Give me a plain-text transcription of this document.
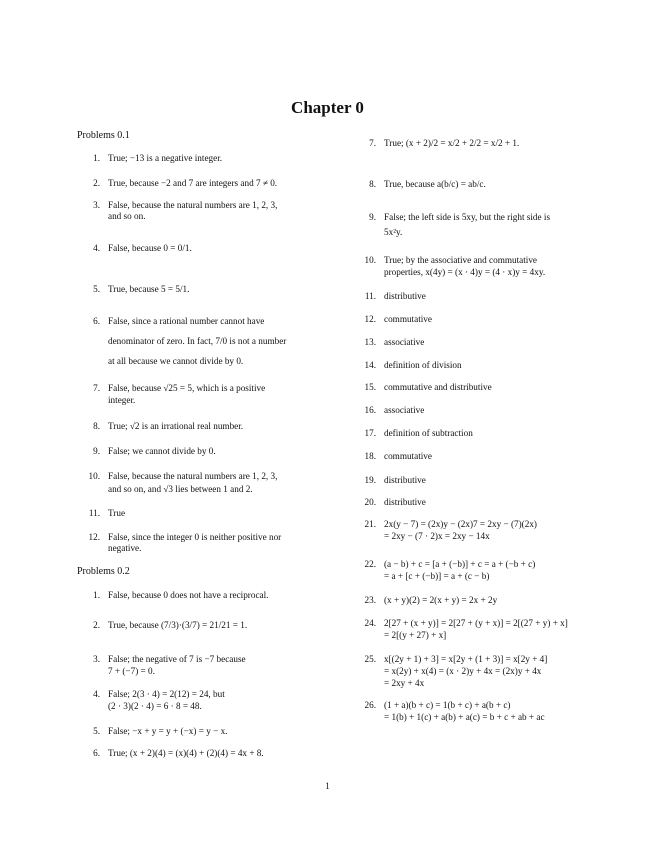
Chapter 0
Problems 0.1
Problems 0.2
1. True; −13 is a negative integer.
2. True, because −2 and 7 are integers and 7 ≠ 0.
3. False, because the natural numbers are 1, 2, 3,
and so on.
4. False, because 0 = 0/1.
5. True, because 5 = 5/1.
6. False, since a rational number cannot have
denominator of zero. In fact, 7/0 is not a number
at all because we cannot divide by 0.
7. False, because √25 = 5, which is a positive
integer.
8. True; √2 is an irrational real number.
9. False; we cannot divide by 0.
10. False, because the natural numbers are 1, 2, 3,
and so on, and √3 lies between 1 and 2.
11. True
12. False, since the integer 0 is neither positive nor
negative.
1. False, because 0 does not have a reciprocal.
2. True, because (7/3)·(3/7) = 21/21 = 1.
3. False; the negative of 7 is −7 because
7 + (−7) = 0.
4. False; 2(3 · 4) = 2(12) = 24, but
(2 · 3)(2 · 4) = 6 · 8 = 48.
5. False; −x + y = y + (−x) = y − x.
6. True; (x + 2)(4) = (x)(4) + (2)(4) = 4x + 8.
7. True; (x + 2)/2 = x/2 + 2/2 = x/2 + 1.
8. True, because a(b/c) = ab/c.
9. False; the left side is 5xy, but the right side is
5x²y.
10. True; by the associative and commutative
properties, x(4y) = (x · 4)y = (4 · x)y = 4xy.
11. distributive
12. commutative
13. associative
14. definition of division
15. commutative and distributive
16. associative
17. definition of subtraction
18. commutative
19. distributive
20. distributive
21. 2x(y − 7) = (2x)y − (2x)7 = 2xy − (7)(2x)
= 2xy − (7 · 2)x = 2xy − 14x
22. (a − b) + c = [a + (−b)] + c = a + (−b + c)
= a + [c + (−b)] = a + (c − b)
23. (x + y)(2) = 2(x + y) = 2x + 2y
24. 2[27 + (x + y)] = 2[27 + (y + x)] = 2[(27 + y) + x]
= 2[(y + 27) + x]
25. x[(2y + 1) + 3] = x[2y + (1 + 3)] = x[2y + 4]
= x(2y) + x(4) = (x · 2)y + 4x = (2x)y + 4x
= 2xy + 4x
26. (1 + a)(b + c) = 1(b + c) + a(b + c)
= 1(b) + 1(c) + a(b) + a(c) = b + c + ab + ac
1
